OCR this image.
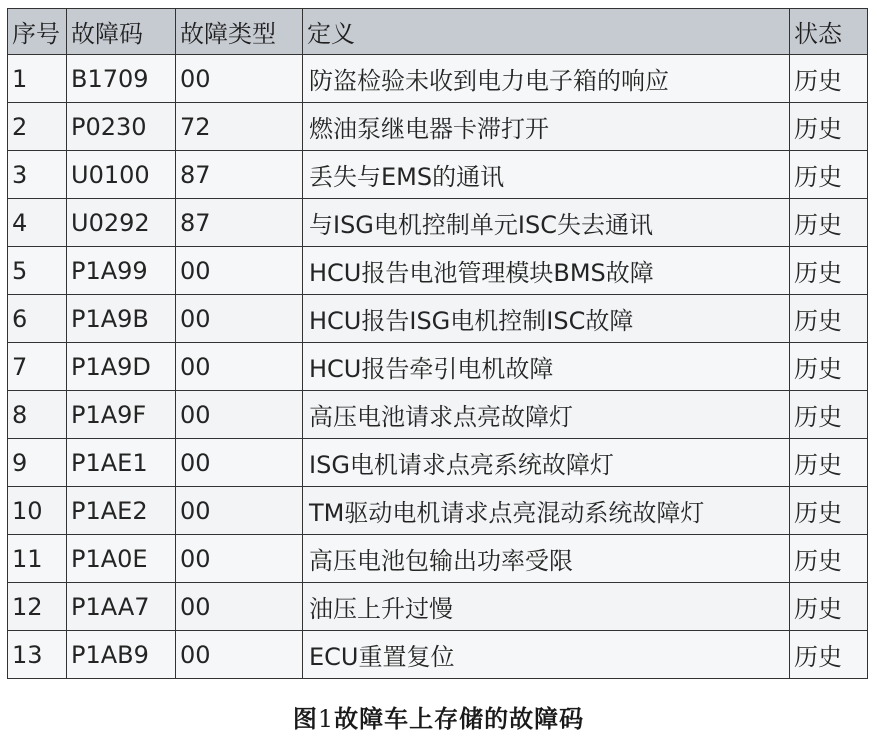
序号	故障码	故障类型	定义	状态
1	B1709	00	防盗检验未收到电力电子箱的响应	历史
2	P0230	72	燃油泵继电器卡滞打开	历史
3	U0100	87	丢失与EMS的通讯	历史
4	U0292	87	与ISG电机控制单元ISC失去通讯	历史
5	P1A99	00	HCU报告电池管理模块BMS故障	历史
6	P1A9B	00	HCU报告ISG电机控制ISC故障	历史
7	P1A9D	00	HCU报告牵引电机故障	历史
8	P1A9F	00	高压电池请求点亮故障灯	历史
9	P1AE1	00	ISG电机请求点亮系统故障灯	历史
10	P1AE2	00	TM驱动电机请求点亮混动系统故障灯	历史
11	P1A0E	00	高压电池包输出功率受限	历史
12	P1AA7	00	油压上升过慢	历史
13	P1AB9	00	ECU重置复位	历史
图1故障车上存储的故障码
